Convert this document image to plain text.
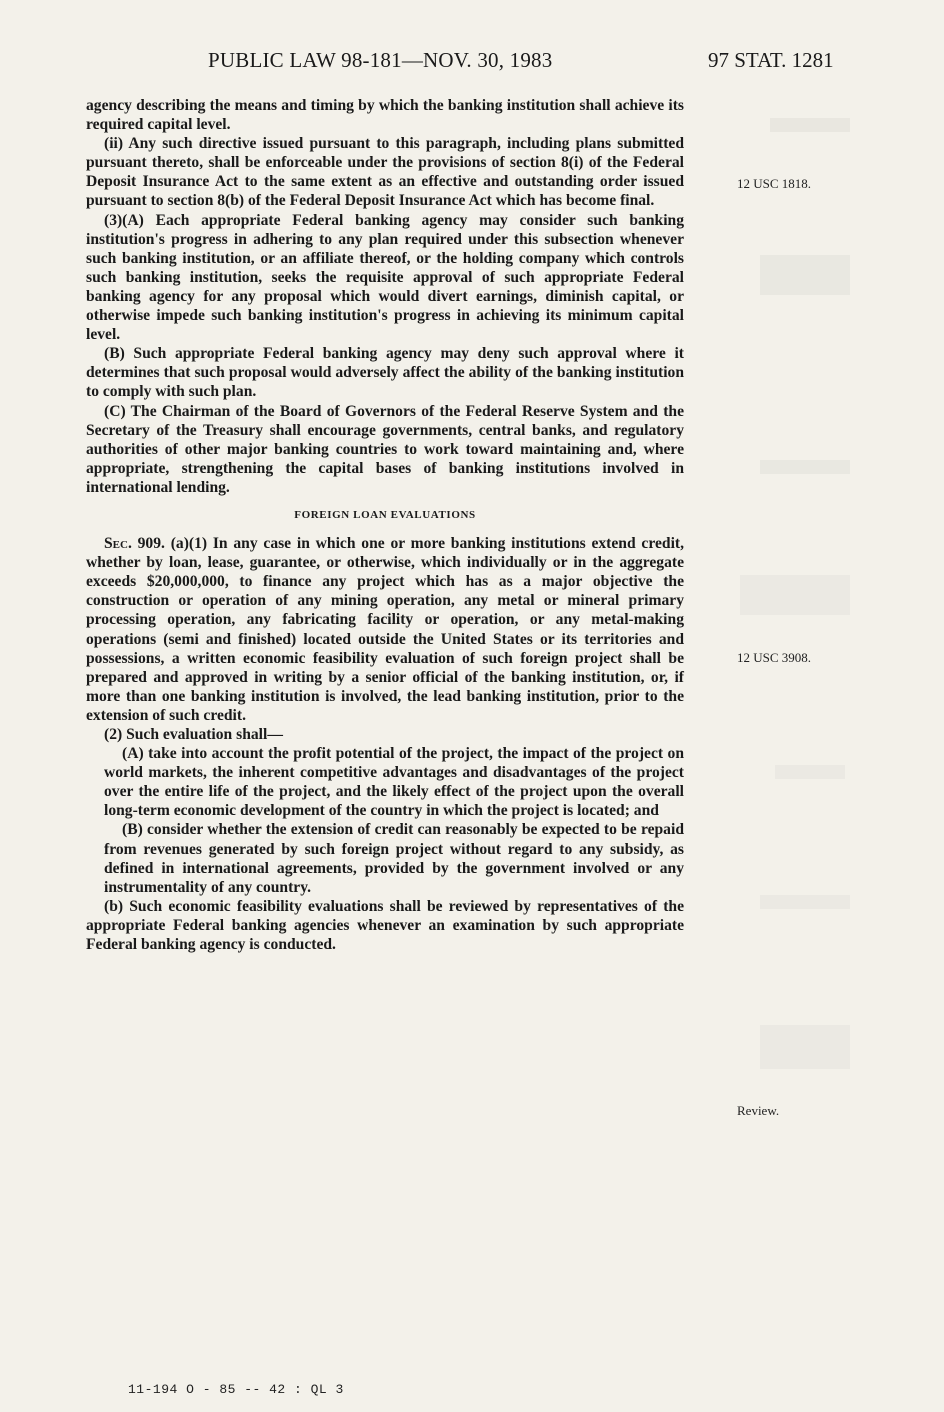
PUBLIC LAW 98-181—NOV. 30, 1983	97 STAT. 1281

agency describing the means and timing by which the banking institution shall achieve its required capital level.

(ii) Any such directive issued pursuant to this paragraph, including plans submitted pursuant thereto, shall be enforceable under the provisions of section 8(i) of the Federal Deposit Insurance Act to the same extent as an effective and outstanding order issued pursuant to section 8(b) of the Federal Deposit Insurance Act which has become final.

(3)(A) Each appropriate Federal banking agency may consider such banking institution's progress in adhering to any plan required under this subsection whenever such banking institution, or an affiliate thereof, or the holding company which controls such banking institution, seeks the requisite approval of such appropriate Federal banking agency for any proposal which would divert earnings, diminish capital, or otherwise impede such banking institution's progress in achieving its minimum capital level.

(B) Such appropriate Federal banking agency may deny such approval where it determines that such proposal would adversely affect the ability of the banking institution to comply with such plan.

(C) The Chairman of the Board of Governors of the Federal Reserve System and the Secretary of the Treasury shall encourage governments, central banks, and regulatory authorities of other major banking countries to work toward maintaining and, where appropriate, strengthening the capital bases of banking institutions involved in international lending.

FOREIGN LOAN EVALUATIONS

Sec. 909. (a)(1) In any case in which one or more banking institutions extend credit, whether by loan, lease, guarantee, or otherwise, which individually or in the aggregate exceeds $20,000,000, to finance any project which has as a major objective the construction or operation of any mining operation, any metal or mineral primary processing operation, any fabricating facility or operation, or any metal-making operations (semi and finished) located outside the United States or its territories and possessions, a written economic feasibility evaluation of such foreign project shall be prepared and approved in writing by a senior official of the banking institution, or, if more than one banking institution is involved, the lead banking institution, prior to the extension of such credit.

(2) Such evaluation shall—

(A) take into account the profit potential of the project, the impact of the project on world markets, the inherent competitive advantages and disadvantages of the project over the entire life of the project, and the likely effect of the project upon the overall long-term economic development of the country in which the project is located; and

(B) consider whether the extension of credit can reasonably be expected to be repaid from revenues generated by such foreign project without regard to any subsidy, as defined in international agreements, provided by the government involved or any instrumentality of any country.

(b) Such economic feasibility evaluations shall be reviewed by representatives of the appropriate Federal banking agencies whenever an examination by such appropriate Federal banking agency is conducted.

12 USC 1818.
12 USC 3908.
Review.
11-194 O - 85 -- 42 : QL 3
